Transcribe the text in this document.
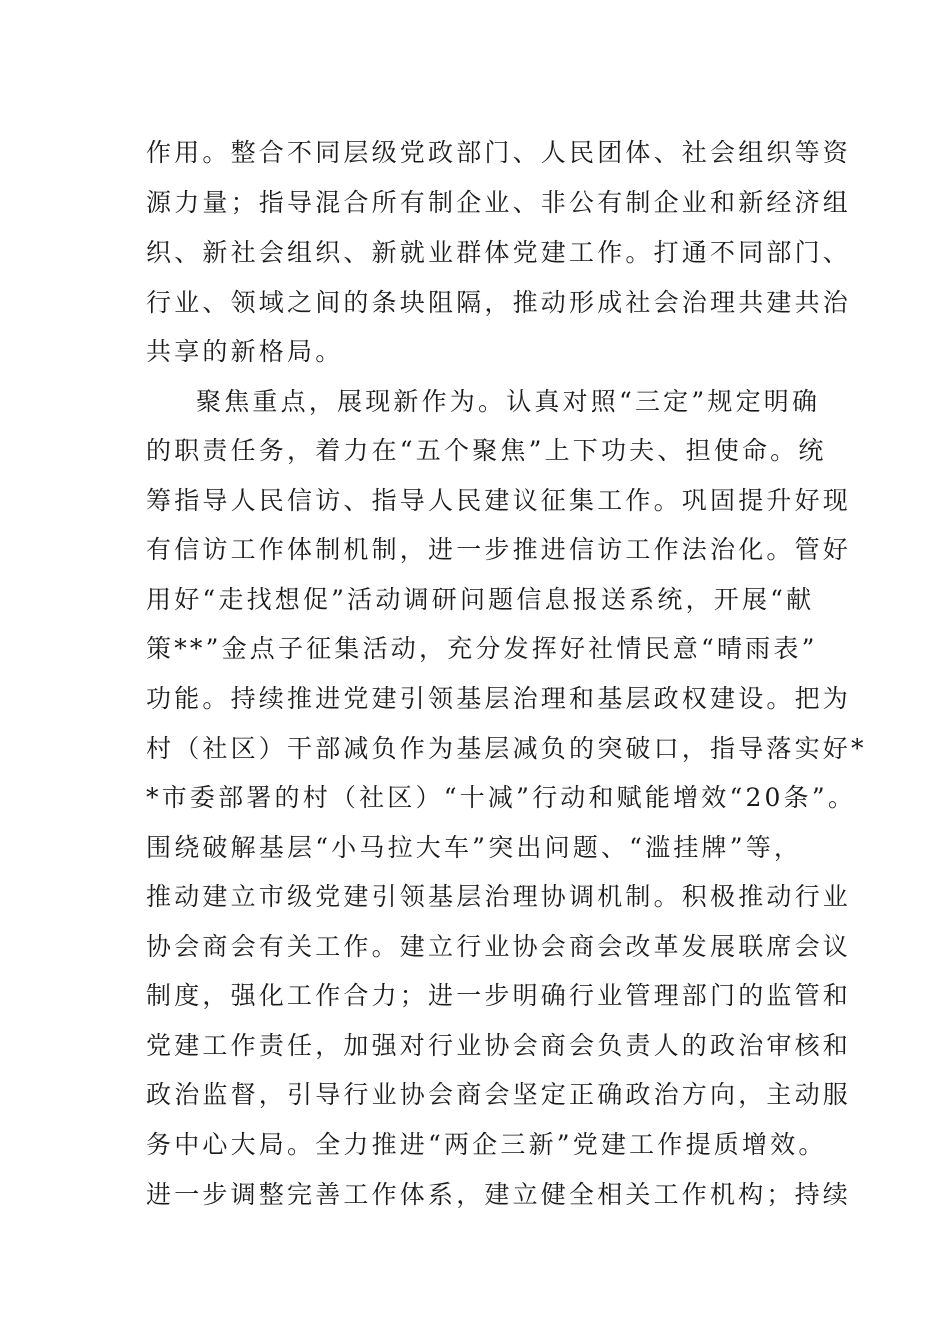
作用。整合不同层级党政部门、人民团体、社会组织等资
源力量；指导混合所有制企业、非公有制企业和新经济组
织、新社会组织、新就业群体党建工作。打通不同部门、
行业、领域之间的条块阻隔，推动形成社会治理共建共治
共享的新格局。
聚焦重点，展现新作为。认真对照“三定”规定明确
的职责任务，着力在“五个聚焦”上下功夫、担使命。统
筹指导人民信访、指导人民建议征集工作。巩固提升好现
有信访工作体制机制，进一步推进信访工作法治化。管好
用好“走找想促”活动调研问题信息报送系统，开展“献
策**”金点子征集活动，充分发挥好社情民意“晴雨表”
功能。持续推进党建引领基层治理和基层政权建设。把为
村（社区）干部减负作为基层减负的突破口，指导落实好*
*市委部署的村（社区）“十减”行动和赋能增效“20条”。
围绕破解基层“小马拉大车”突出问题、“滥挂牌”等，
推动建立市级党建引领基层治理协调机制。积极推动行业
协会商会有关工作。建立行业协会商会改革发展联席会议
制度，强化工作合力；进一步明确行业管理部门的监管和
党建工作责任，加强对行业协会商会负责人的政治审核和
政治监督，引导行业协会商会坚定正确政治方向，主动服
务中心大局。全力推进“两企三新”党建工作提质增效。
进一步调整完善工作体系，建立健全相关工作机构；持续
